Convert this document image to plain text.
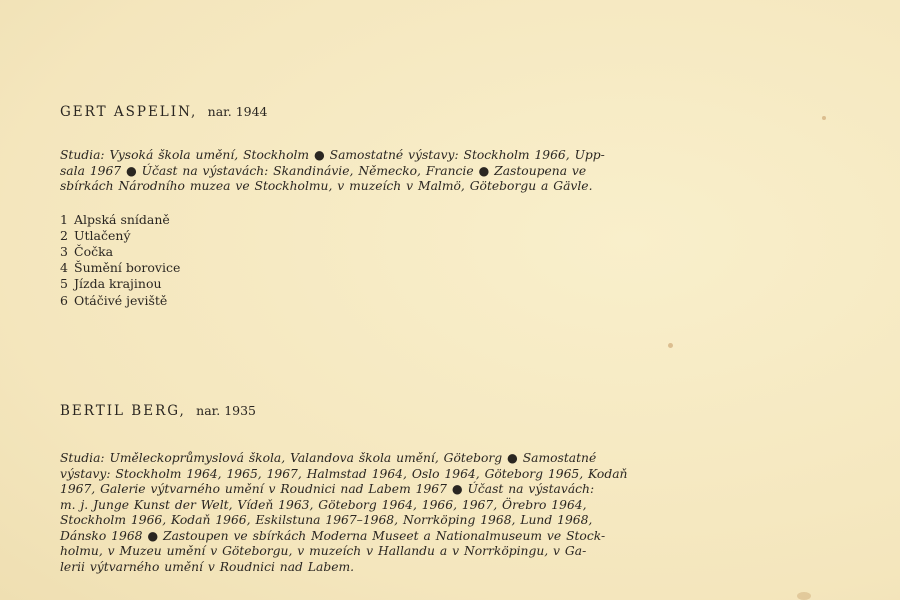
GERT ASPELIN, nar. 1944
Studia: Vysoká škola umění, Stockholm ● Samostatné výstavy: Stockholm 1966, Upp-
sala 1967 ● Účast na výstavách: Skandinávie, Německo, Francie ● Zastoupena ve
sbírkách Národního muzea ve Stockholmu, v muzeích v Malmö, Göteborgu a Gävle.
1 Alpská snídaně
2 Utlačený
3 Čočka
4 Šumění borovice
5 Jízda krajinou
6 Otáčivé jeviště
BERTIL BERG, nar. 1935
Studia: Uměleckoprůmyslová škola, Valandova škola umění, Göteborg ● Samostatné
výstavy: Stockholm 1964, 1965, 1967, Halmstad 1964, Oslo 1964, Göteborg 1965, Kodaň
1967, Galerie výtvarného umění v Roudnici nad Labem 1967 ● Účast na výstavách:
m. j. Junge Kunst der Welt, Vídeň 1963, Göteborg 1964, 1966, 1967, Örebro 1964,
Stockholm 1966, Kodaň 1966, Eskilstuna 1967–1968, Norrköping 1968, Lund 1968,
Dánsko 1968 ● Zastoupen ve sbírkách Moderna Museet a Nationalmuseum ve Stock-
holmu, v Muzeu umění v Göteborgu, v muzeích v Hallandu a v Norrköpingu, v Ga-
lerii výtvarného umění v Roudnici nad Labem.
